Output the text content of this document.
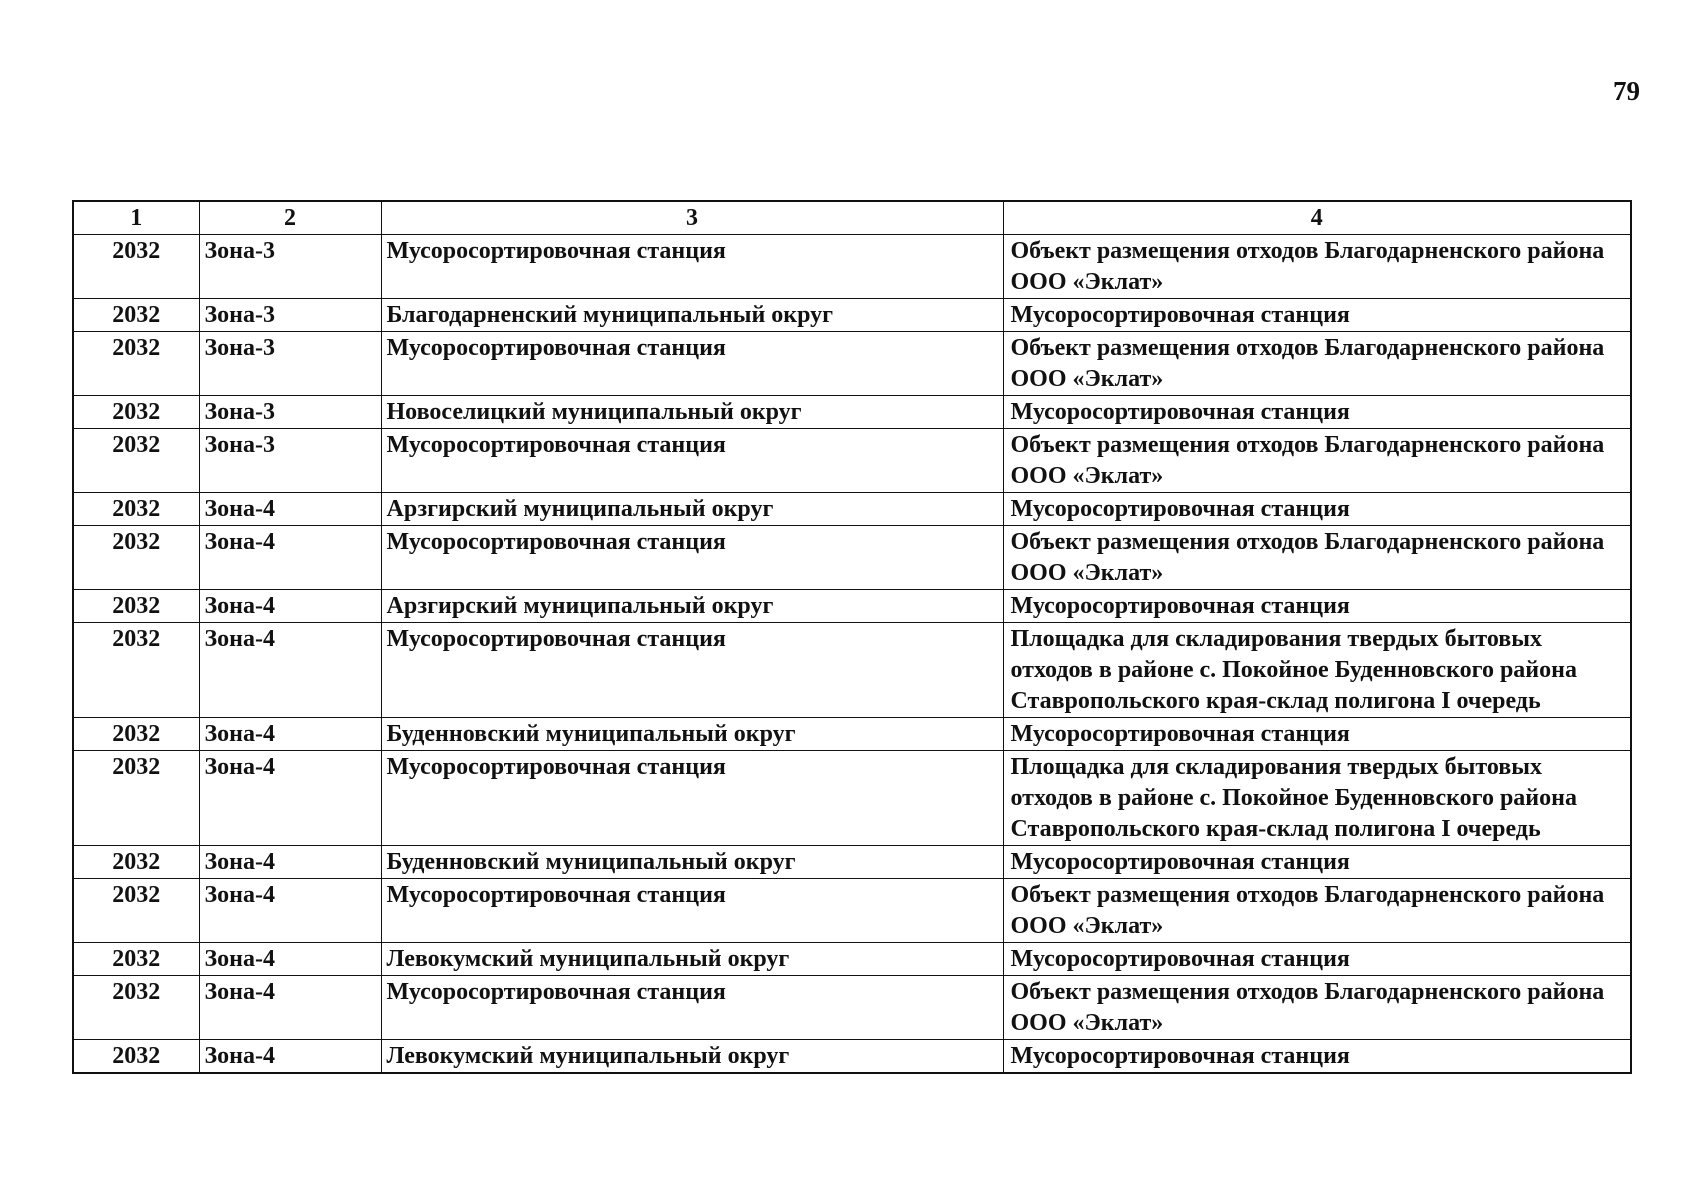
79
1	2	3	4
2032	Зона-3	Мусоросортировочная станция	Объект размещения отходов Благодарненского района ООО «Эклат»
2032	Зона-3	Благодарненский муниципальный округ	Мусоросортировочная станция
2032	Зона-3	Мусоросортировочная станция	Объект размещения отходов Благодарненского района ООО «Эклат»
2032	Зона-3	Новоселицкий муниципальный округ	Мусоросортировочная станция
2032	Зона-3	Мусоросортировочная станция	Объект размещения отходов Благодарненского района ООО «Эклат»
2032	Зона-4	Арзгирский муниципальный округ	Мусоросортировочная станция
2032	Зона-4	Мусоросортировочная станция	Объект размещения отходов Благодарненского района ООО «Эклат»
2032	Зона-4	Арзгирский муниципальный округ	Мусоросортировочная станция
2032	Зона-4	Мусоросортировочная станция	Площадка для складирования твердых бытовых отходов в районе с. Покойное Буденновского района Ставропольского края-склад полигона I очередь
2032	Зона-4	Буденновский муниципальный округ	Мусоросортировочная станция
2032	Зона-4	Мусоросортировочная станция	Площадка для складирования твердых бытовых отходов в районе с. Покойное Буденновского района Ставропольского края-склад полигона I очередь
2032	Зона-4	Буденновский муниципальный округ	Мусоросортировочная станция
2032	Зона-4	Мусоросортировочная станция	Объект размещения отходов Благодарненского района ООО «Эклат»
2032	Зона-4	Левокумский муниципальный округ	Мусоросортировочная станция
2032	Зона-4	Мусоросортировочная станция	Объект размещения отходов Благодарненского района ООО «Эклат»
2032	Зона-4	Левокумский муниципальный округ	Мусоросортировочная станция
